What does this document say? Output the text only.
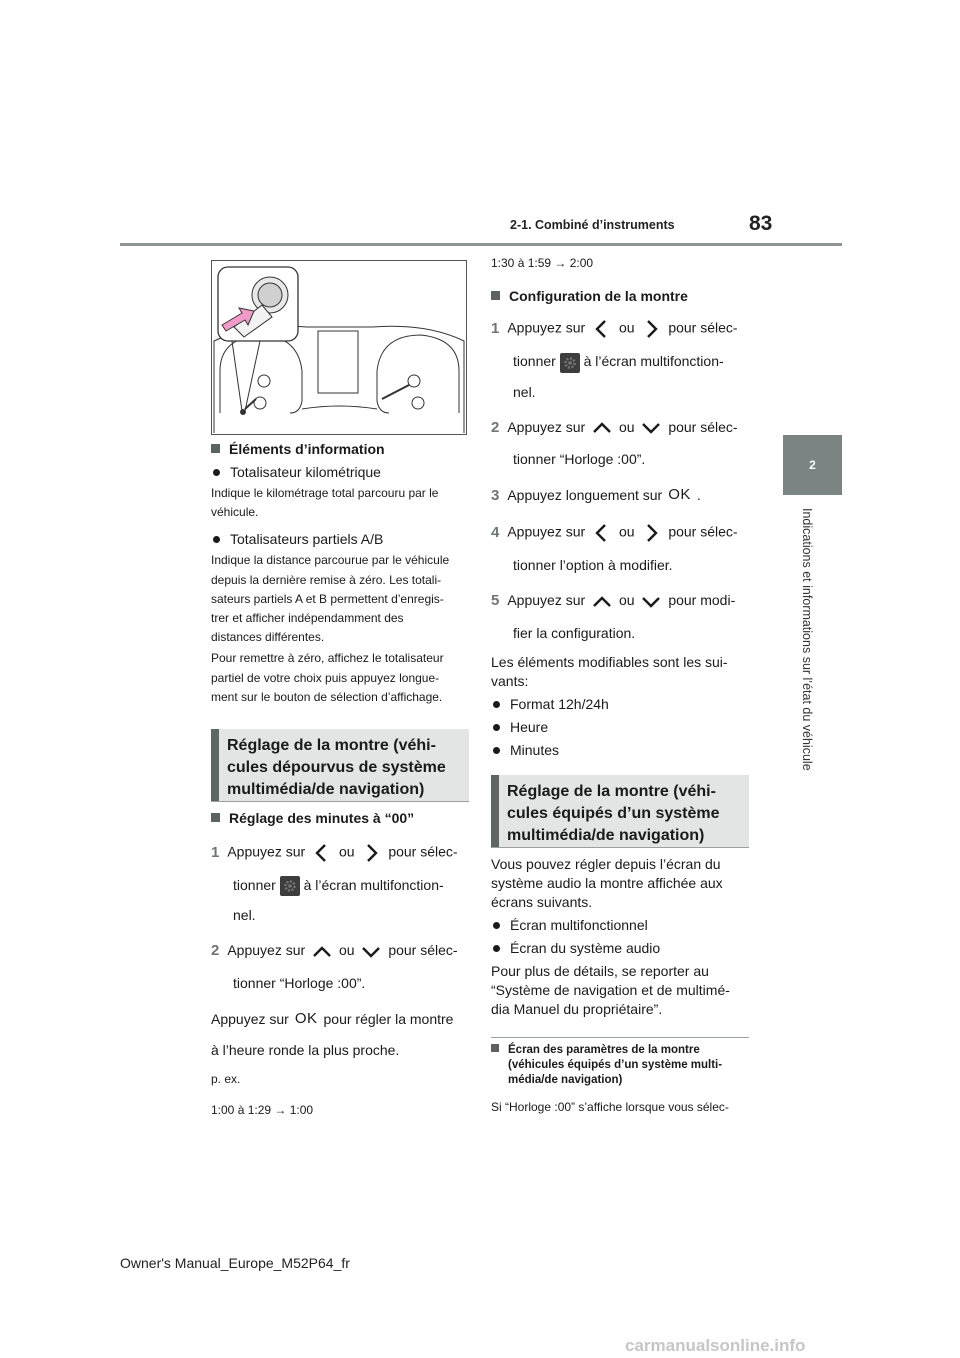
2-1. Combiné d’instruments	83
2
Indications et informations sur l’état du véhicule
Éléments d’information
Totalisateur kilométrique
Indique le kilométrage total parcouru par le
véhicule.
Totalisateurs partiels A/B
Indique la distance parcourue par le véhicule
depuis la dernière remise à zéro. Les totali-
sateurs partiels A et B permettent d’enregis-
trer et afficher indépendamment des
distances différentes.
Pour remettre à zéro, affichez le totalisateur
partiel de votre choix puis appuyez longue-
ment sur le bouton de sélection d’affichage.
Réglage de la montre (véhi-
cules dépourvus de système
multimédia/de navigation)
Réglage des minutes à “00”
1 Appuyez sur ou pour sélec-
tionner à l’écran multifonction-
nel.
2 Appuyez sur ou pour sélec-
tionner “Horloge :00”.
Appuyez sur OK pour régler la montre
à l’heure ronde la plus proche.
p. ex.
1:00 à 1:29 → 1:00
1:30 à 1:59 → 2:00
Configuration de la montre
1 Appuyez sur ou pour sélec-
tionner à l’écran multifonction-
nel.
2 Appuyez sur ou pour sélec-
tionner “Horloge :00”.
3 Appuyez longuement sur OK .
4 Appuyez sur ou pour sélec-
tionner l’option à modifier.
5 Appuyez sur ou pour modi-
fier la configuration.
Les éléments modifiables sont les sui-
vants:
Format 12h/24h
Heure
Minutes
Réglage de la montre (véhi-
cules équipés d’un système
multimédia/de navigation)
Vous pouvez régler depuis l’écran du
système audio la montre affichée aux
écrans suivants.
Écran multifonctionnel
Écran du système audio
Pour plus de détails, se reporter au
“Système de navigation et de multimé-
dia Manuel du propriétaire”.
Écran des paramètres de la montre
(véhicules équipés d’un système multi-
média/de navigation)
Si “Horloge :00” s’affiche lorsque vous sélec-
Owner's Manual_Europe_M52P64_fr
carmanualsonline.info
